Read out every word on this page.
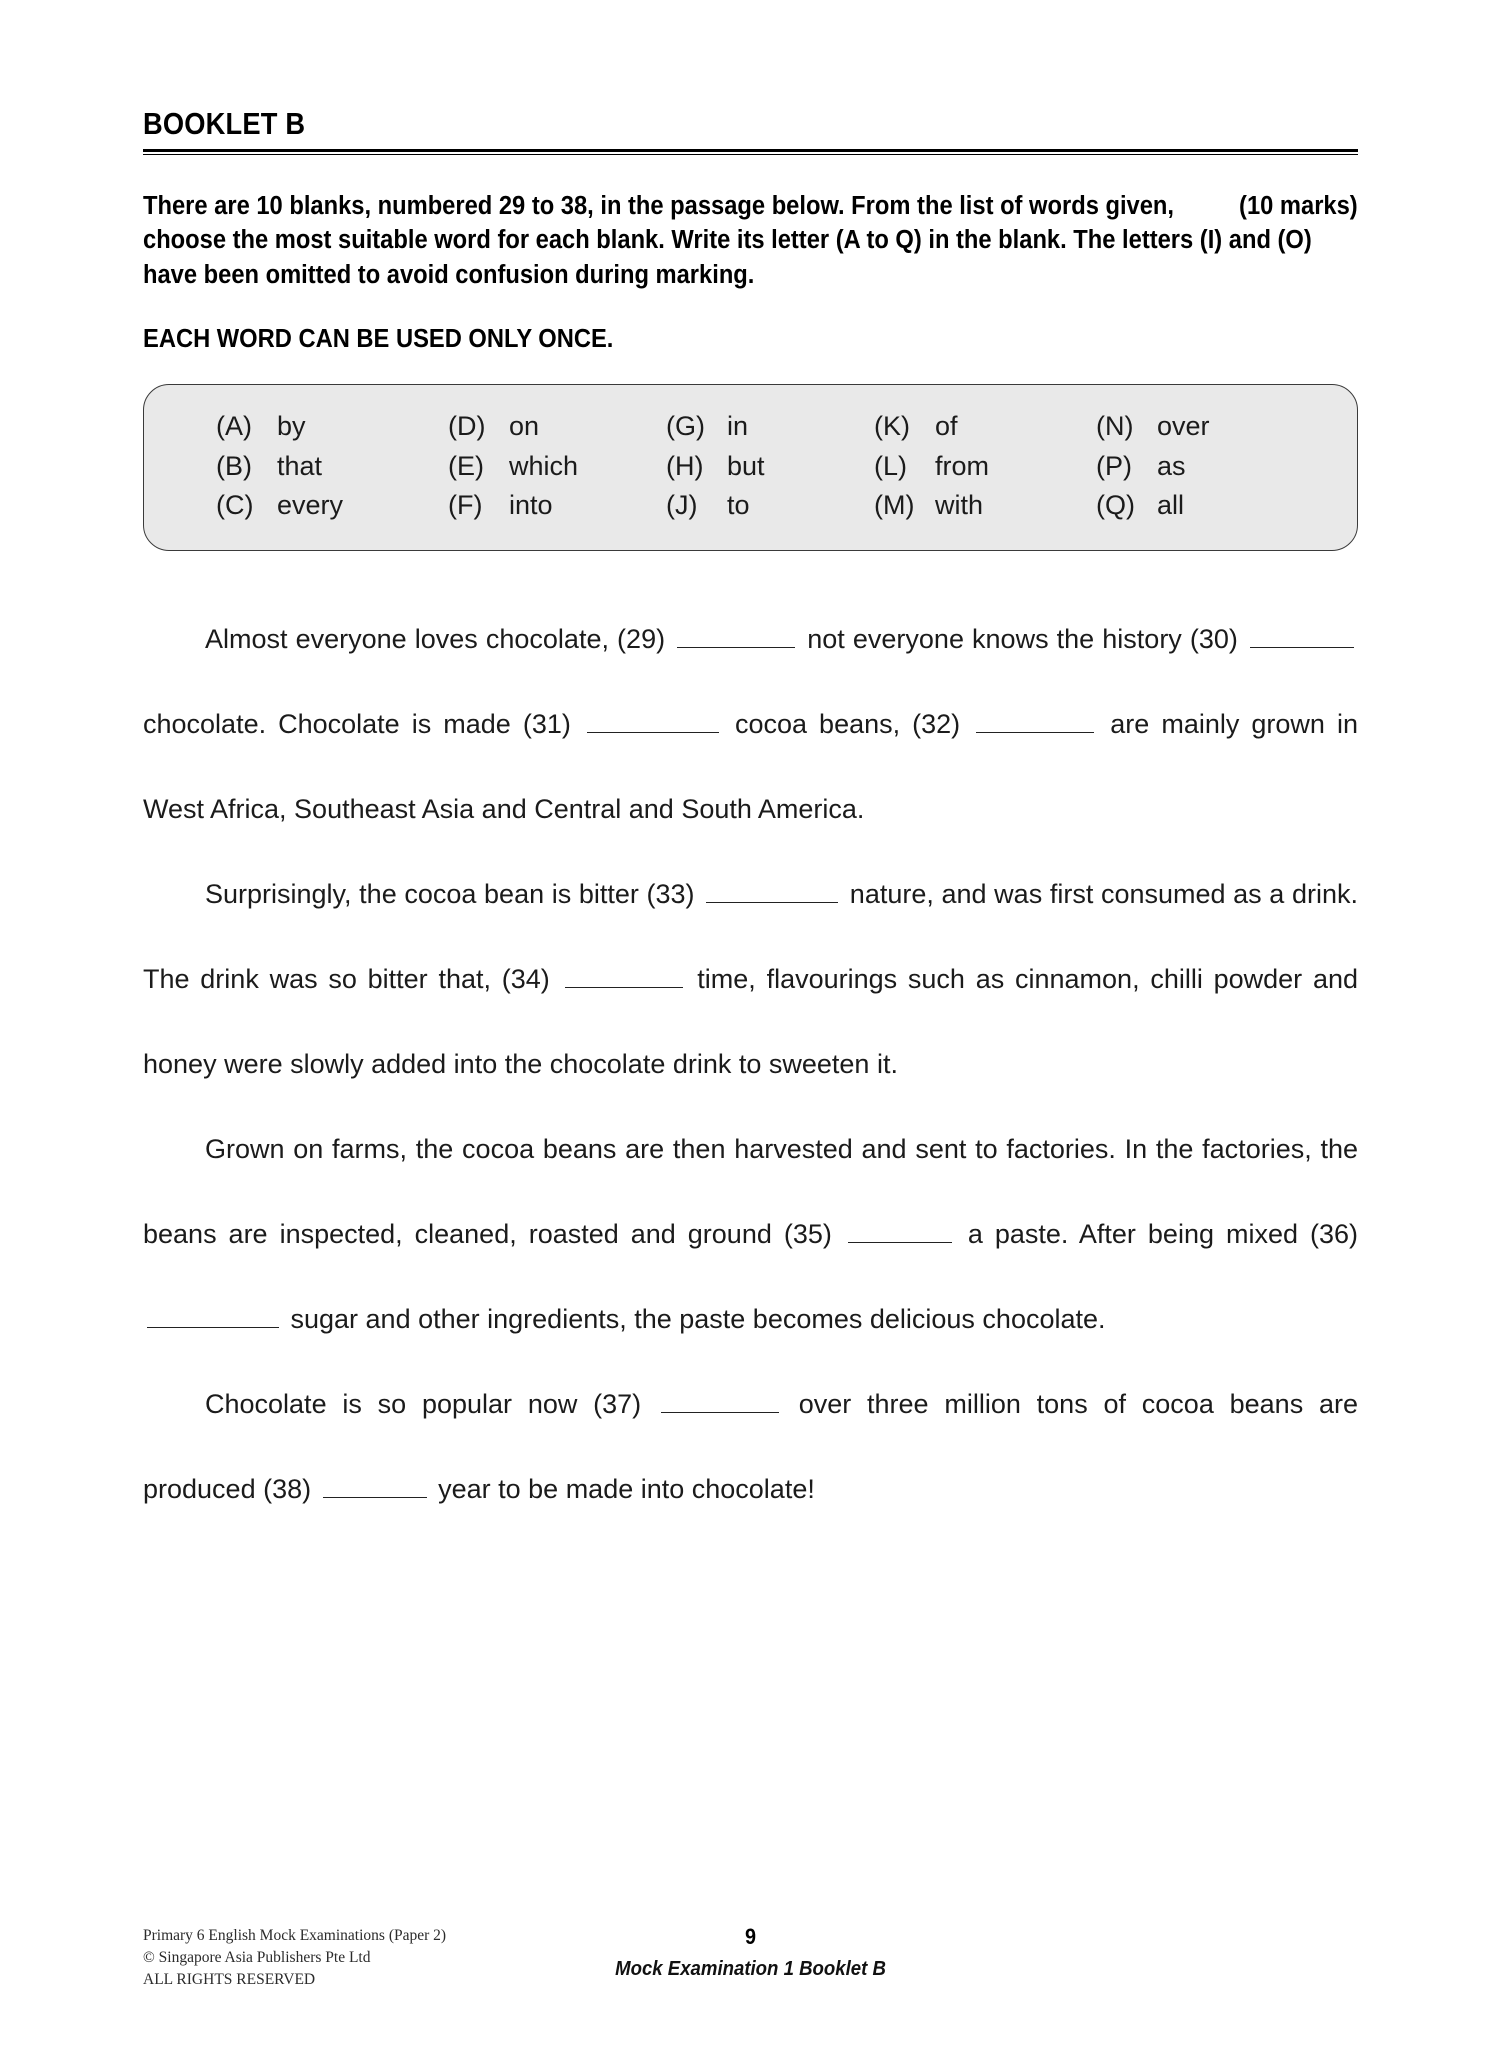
BOOKLET B
(10 marks)
There are 10 blanks, numbered 29 to 38, in the passage below. From the list of words given, choose the most suitable word for each blank. Write its letter (A to Q) in the blank. The letters (I) and (O) have been omitted to avoid confusion during marking.
EACH WORD CAN BE USED ONLY ONCE.
(A) by
(B) that
(C) every
(D) on
(E) which
(F) into
(G) in
(H) but
(J)	to
(K) of
(L)	from
(M) with
(N) over
(P) as
(Q) all

Almost everyone loves chocolate, (29)	not everyone knows the history (30)  chocolate. Chocolate is made (31)	cocoa beans, (32)	are mainly grown in West Africa, Southeast Asia and Central and South America.

Surprisingly, the cocoa bean is bitter (33)	nature, and was first consumed as a drink. The drink was so bitter that, (34)	time, flavourings such as cinnamon, chilli powder and honey were slowly added into the chocolate drink to sweeten it.

Grown on farms, the cocoa beans are then harvested and sent to factories. In the factories, the beans are inspected, cleaned, roasted and ground (35)	a paste. After being mixed (36)  sugar and other ingredients, the paste becomes delicious chocolate.

Chocolate is so popular now (37)	over three million tons of cocoa beans are produced (38)	year to be made into chocolate!

Primary 6 English Mock Examinations (Paper 2)
© Singapore Asia Publishers Pte Ltd
ALL RIGHTS RESERVED
9
Mock Examination 1 Booklet B
